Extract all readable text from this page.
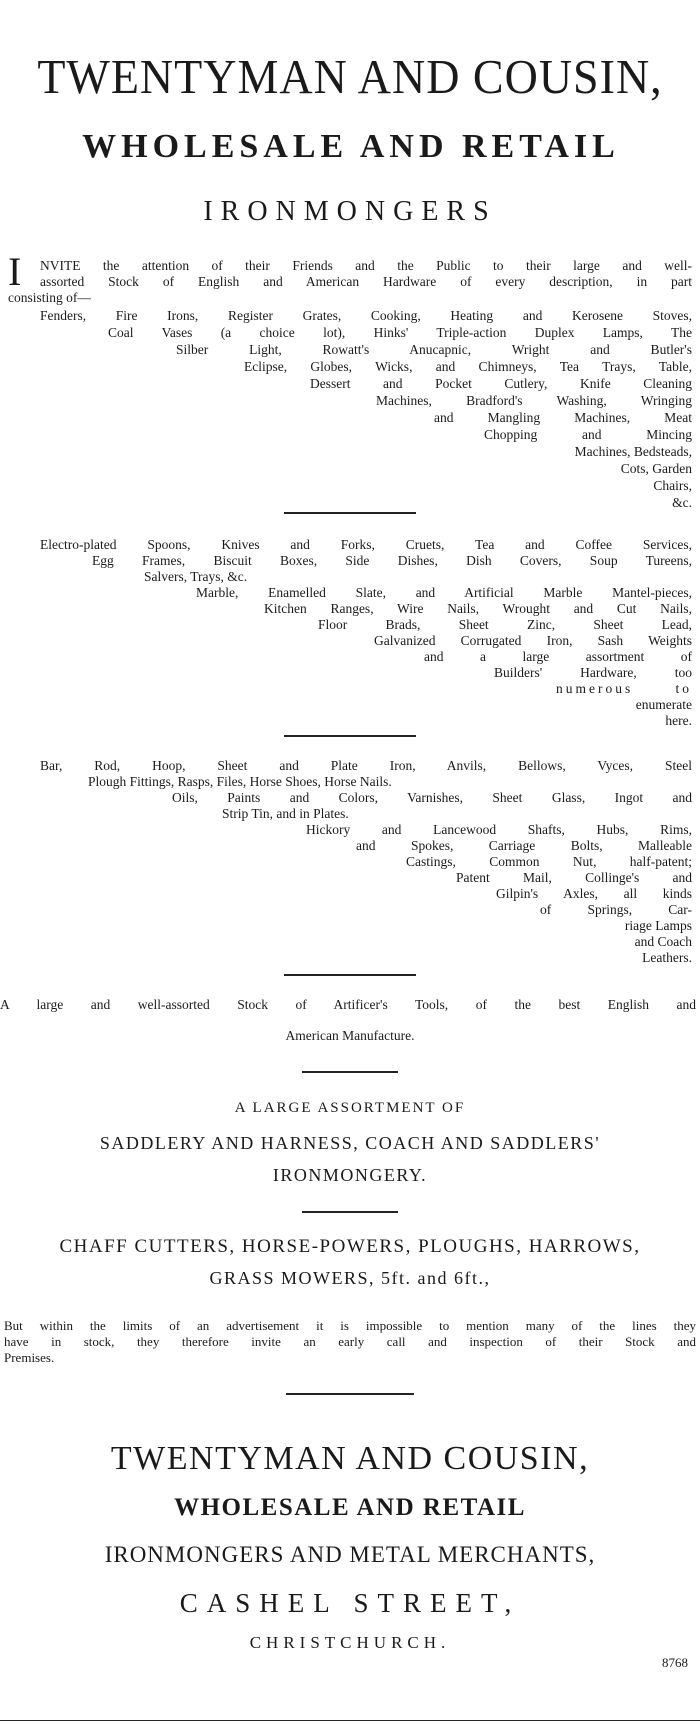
TWENTYMAN AND COUSIN,
WHOLESALE AND RETAIL
IRONMONGERS
I NVITE the attention of their Friends and the Public to their large and well-
assorted Stock of English and American Hardware of every description, in part
consisting of—
Fenders, Fire Irons, Register Grates, Cooking, Heating and Kerosene Stoves,
Coal Vases (a choice lot), Hinks' Triple-action Duplex Lamps, The
Silber Light, Rowatt's Anucapnic, Wright and Butler's
Eclipse, Globes, Wicks, and Chimneys, Tea Trays, Table,
Dessert and Pocket Cutlery, Knife Cleaning
Machines, Bradford's Washing, Wringing
and Mangling Machines, Meat
Chopping and Mincing
Machines, Bedsteads,
Cots, Garden
Chairs,
&c.
Electro-plated Spoons, Knives and Forks, Cruets, Tea and Coffee Services,
Egg Frames, Biscuit Boxes, Side Dishes, Dish Covers, Soup Tureens,
Salvers, Trays, &c.
Marble, Enamelled Slate, and Artificial Marble Mantel-pieces,
Kitchen Ranges, Wire Nails, Wrought and Cut Nails,
Floor Brads, Sheet Zinc, Sheet Lead,
Galvanized Corrugated Iron, Sash Weights
and a large assortment of
Builders' Hardware, too
numerous to
enumerate
here.
Bar, Rod, Hoop, Sheet and Plate Iron, Anvils, Bellows, Vyces, Steel
Plough Fittings, Rasps, Files, Horse Shoes, Horse Nails.
Oils, Paints and Colors, Varnishes, Sheet Glass, Ingot and
Strip Tin, and in Plates.
Hickory and Lancewood Shafts, Hubs, Rims,
and Spokes, Carriage Bolts, Malleable
Castings, Common Nut, half-patent;
Patent Mail, Collinge's and
Gilpin's Axles, all kinds
of Springs, Car-
riage Lamps
and Coach
Leathers.
A large and well-assorted Stock of Artificer's Tools, of the best English and
American Manufacture.
A LARGE ASSORTMENT OF
SADDLERY AND HARNESS, COACH AND SADDLERS'
IRONMONGERY.
CHAFF CUTTERS, HORSE-POWERS, PLOUGHS, HARROWS,
GRASS MOWERS, 5ft. and 6ft.,
But within the limits of an advertisement it is impossible to mention many of the lines they
have in stock, they therefore invite an early call and inspection of their Stock and
Premises.
TWENTYMAN AND COUSIN,
WHOLESALE AND RETAIL
IRONMONGERS AND METAL MERCHANTS,
CASHEL STREET,
CHRISTCHURCH.
8768
